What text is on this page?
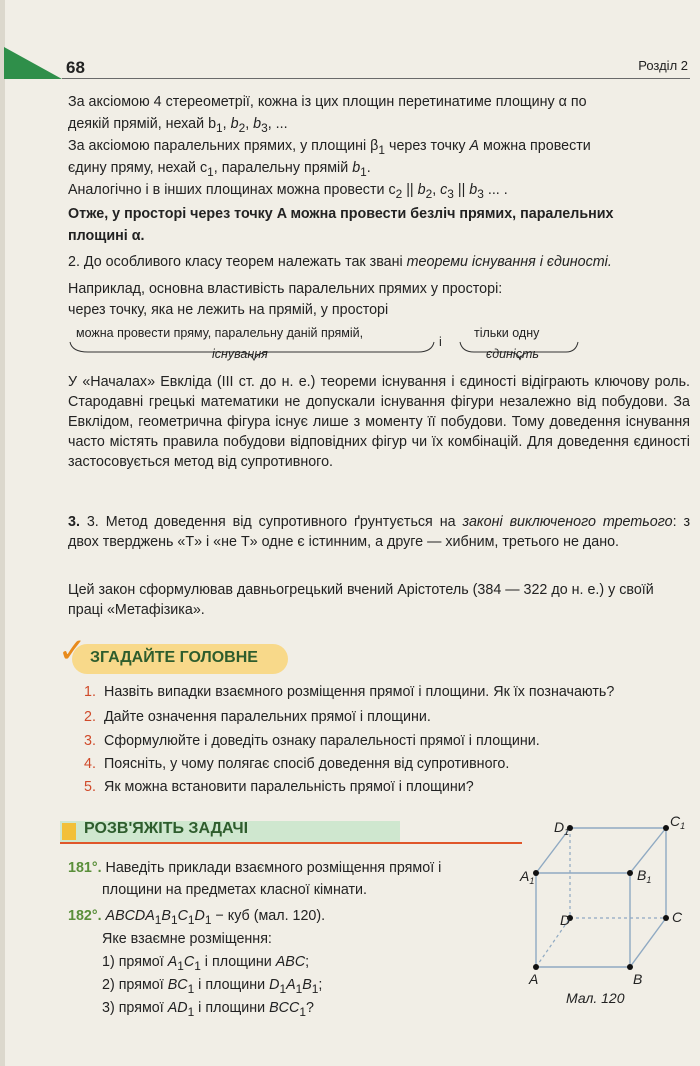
68	Розділ 2

За аксіомою 4 стереометрії, кожна із цих площин перетинатиме площину α по

деякій прямій, нехай $b_1$, $b_2$, $b_3$, ...

За аксіомою паралельних прямих, у площині $\beta_1$ через точку A можна провести

єдину пряму, нехай $c_1$, паралельну прямій $b_1$.

Аналогічно і в інших площинах можна провести $c_2$ || $b_2$, $c_3$ || $b_3$ ... .

Отже, у просторі через точку A можна провести безліч прямих, паралельних

площині α.

2. До особливого класу теорем належать так звані теореми існування і єдиності.

Наприклад, основна властивість паралельних прямих у просторі:

через точку, яка не лежить на прямій, у просторі

можна провести пряму, паралельну даній прямій,
і
тільки одну
існування	єдиність

У «Началах» Евкліда (ІІІ ст. до н. е.) теореми існування і єдиності відіграють ключову роль. Стародавні грецькі математики не допускали існування фігури незалежно від побудови. За Евклідом, геометрична фігура існує лише з моменту її побудови. Тому доведення існування часто містять правила побудови відповідних фігур чи їх комбінацій. Для доведення єдиності застосовується метод від супротивного.

3. 3. Метод доведення від супротивного ґрунтується на законі виключеного третього: з двох тверджень «T» і «не T» одне є істинним, а друге — хибним, третього не дано.

Цей закон сформулював давньогрецький вчений Арістотель (384 — 322 до н. е.) у своїй праці «Метафізика».

✓ ЗГАДАЙТЕ ГОЛОВНЕ
1. Назвіть випадки взаємного розміщення прямої і площини. Як їх позначають?
2. Дайте означення паралельних прямої і площини.
3. Сформулюйте і доведіть ознаку паралельності прямої і площини.
4. Поясніть, у чому полягає спосіб доведення від супротивного.
5. Як можна встановити паралельність прямої і площини?
РОЗВ'ЯЖІТЬ ЗАДАЧІ
181°. Наведіть приклади взаємного розміщення прямої і
площини на предметах класної кімнати.
182°. $ABCDA_1B_1C_1D_1$ − куб (мал. 120).
Яке взаємне розміщення:
1) прямої $A_1C_1$ і площини ABC;
2) прямої $BC_1$ і площини $D_1A_1B_1$;
3) прямої $AD_1$ і площини $BCC_1$?
$D_1$
$C_1$
$A_1$	$B_1$
D	C
A	B
Мал. 120
